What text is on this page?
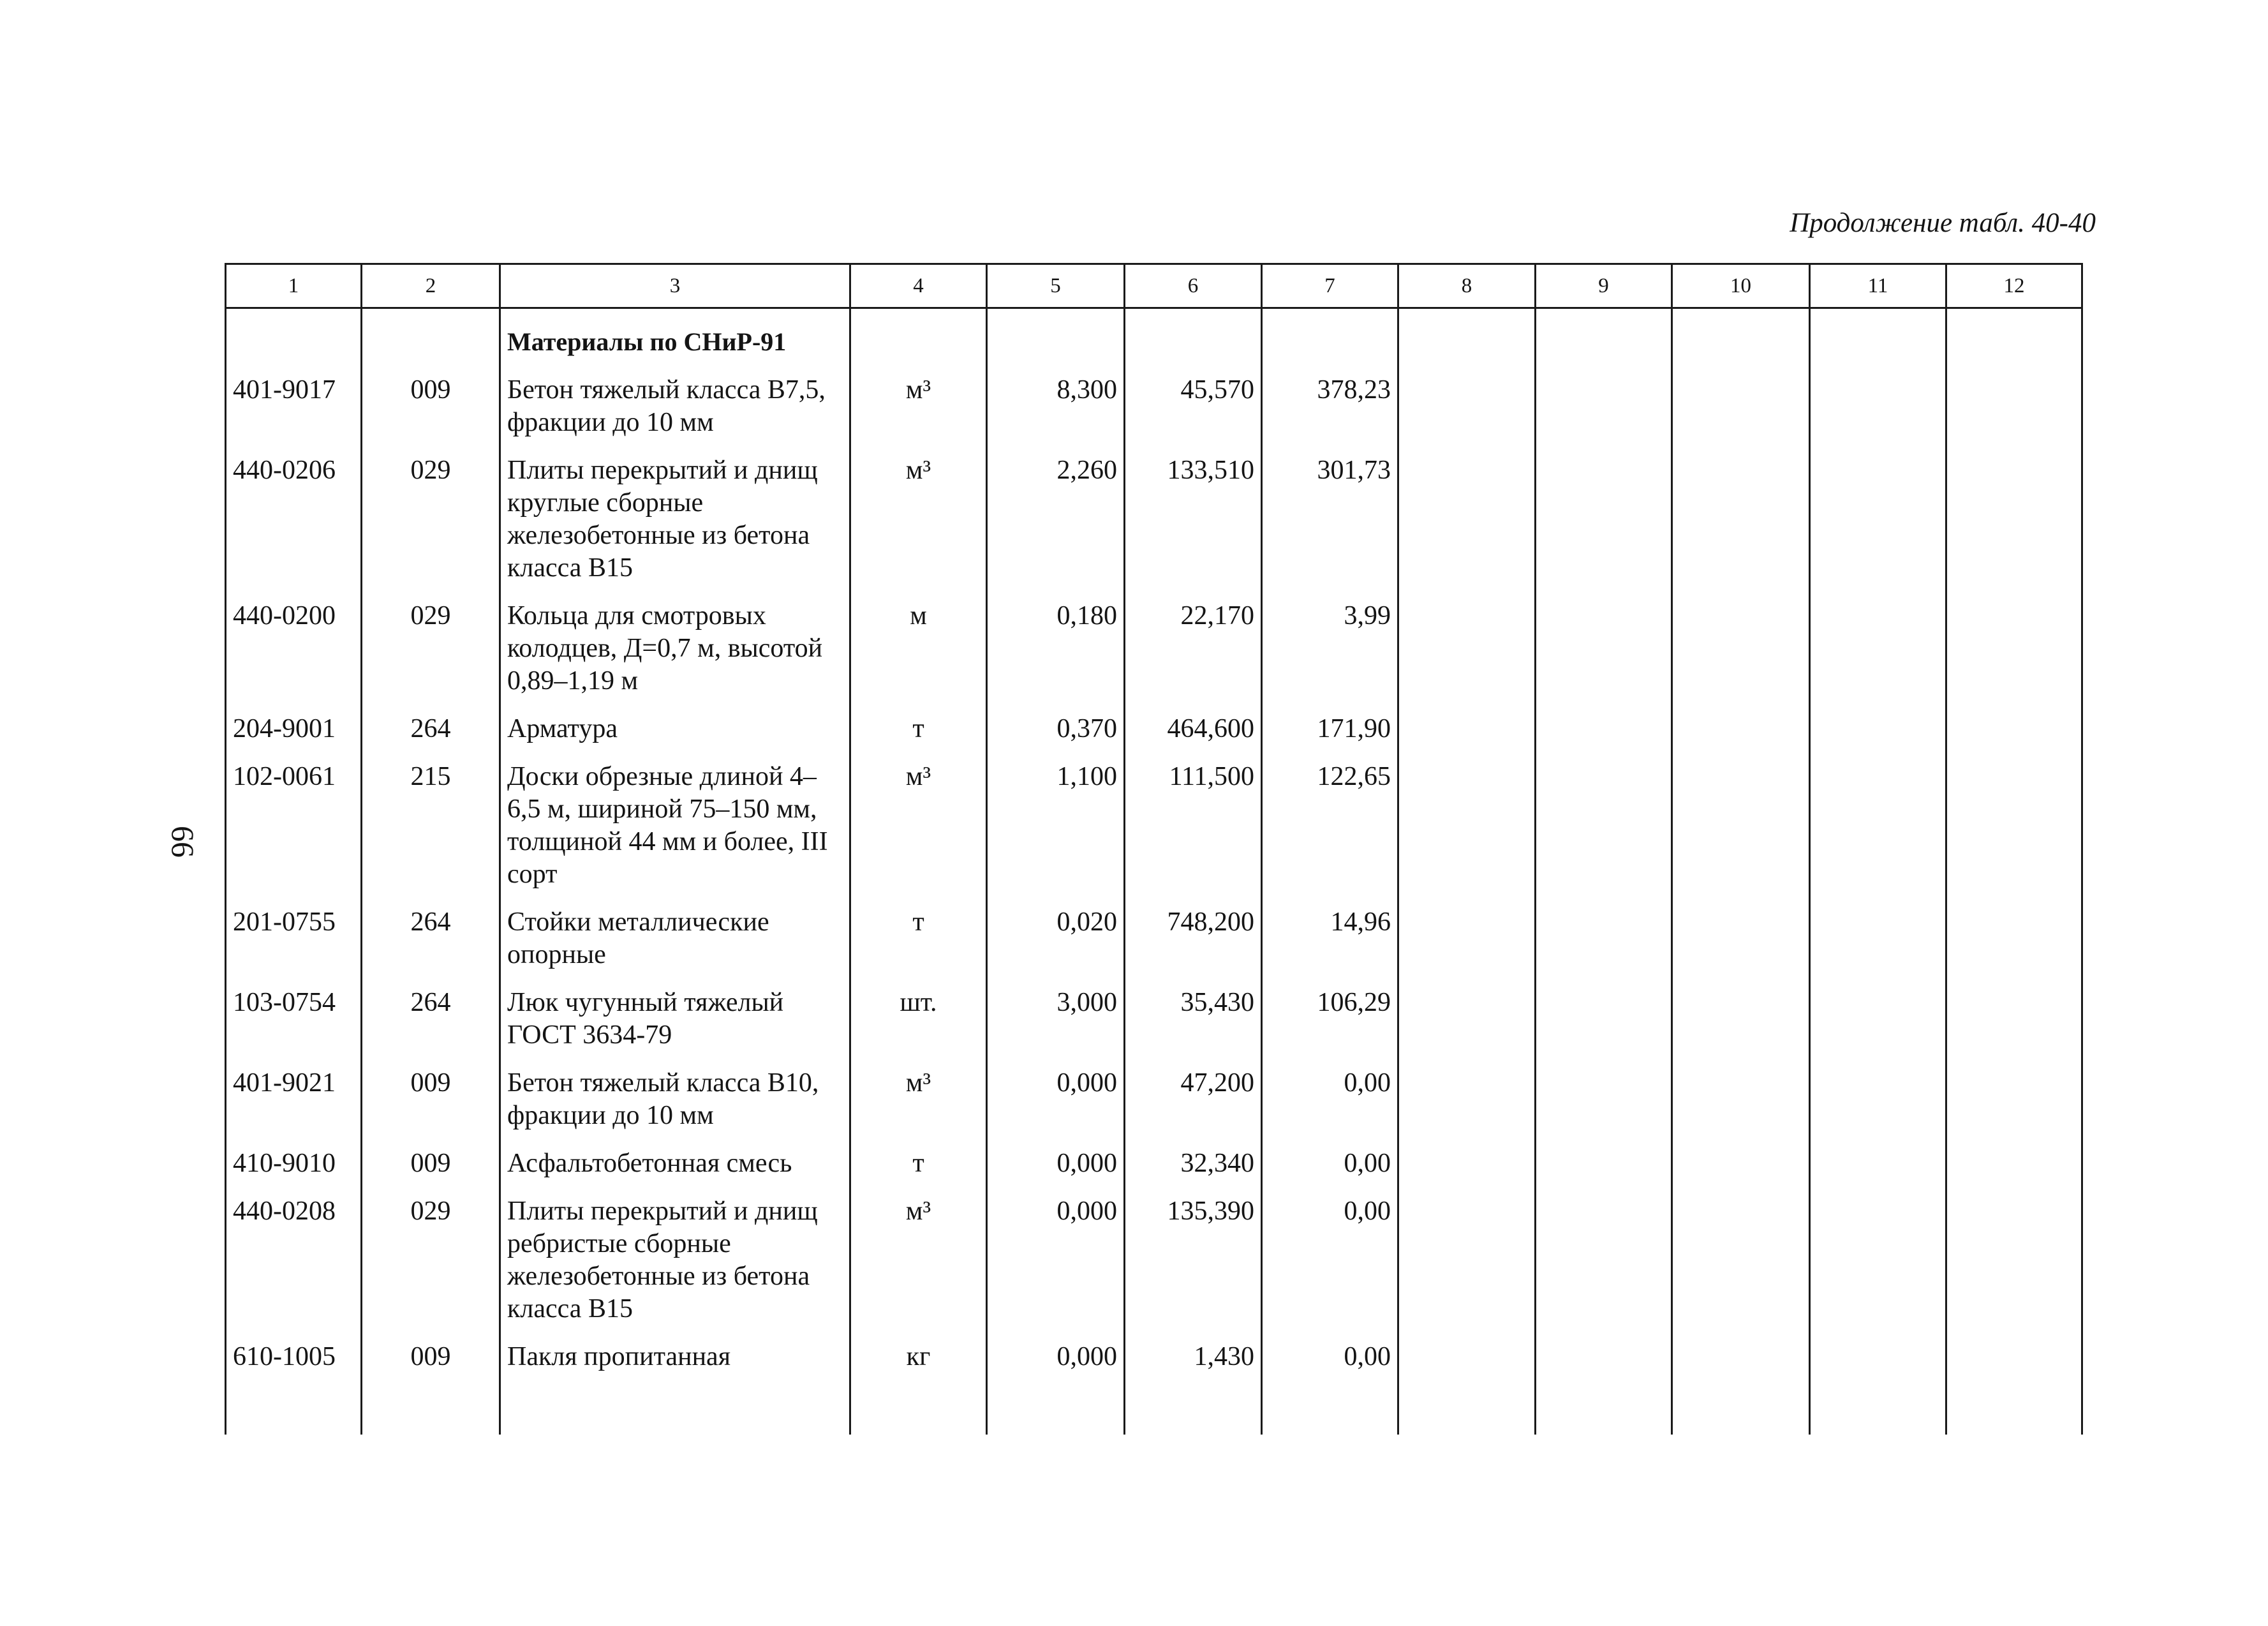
Продолжение табл. 40-40
66
1	2	3	4	5	6	7	8	9	10	11	12
		Материалы по СНиР-91									
401-9017	009	Бетон тяжелый класса В7,5, фракции до 10 мм	м³	8,300	45,570	378,23					
440-0206	029	Плиты перекрытий и днищ круглые сборные железобетонные из бетона класса В15	м³	2,260	133,510	301,73					
440-0200	029	Кольца для смотровых колодцев, Д=0,7 м, высотой 0,89–1,19 м	м	0,180	22,170	3,99					
204-9001	264	Арматура	т	0,370	464,600	171,90					
102-0061	215	Доски обрезные длиной 4–6,5 м, шириной 75–150 мм, толщиной 44 мм и более, III сорт	м³	1,100	111,500	122,65					
201-0755	264	Стойки металлические опорные	т	0,020	748,200	14,96					
103-0754	264	Люк чугунный тяжелый ГОСТ 3634-79	шт.	3,000	35,430	106,29					
401-9021	009	Бетон тяжелый класса В10, фракции до 10 мм	м³	0,000	47,200	0,00					
410-9010	009	Асфальтобетонная смесь	т	0,000	32,340	0,00					
440-0208	029	Плиты перекрытий и днищ ребристые сборные железобетонные из бетона класса В15	м³	0,000	135,390	0,00					
610-1005	009	Пакля пропитанная	кг	0,000	1,430	0,00					
